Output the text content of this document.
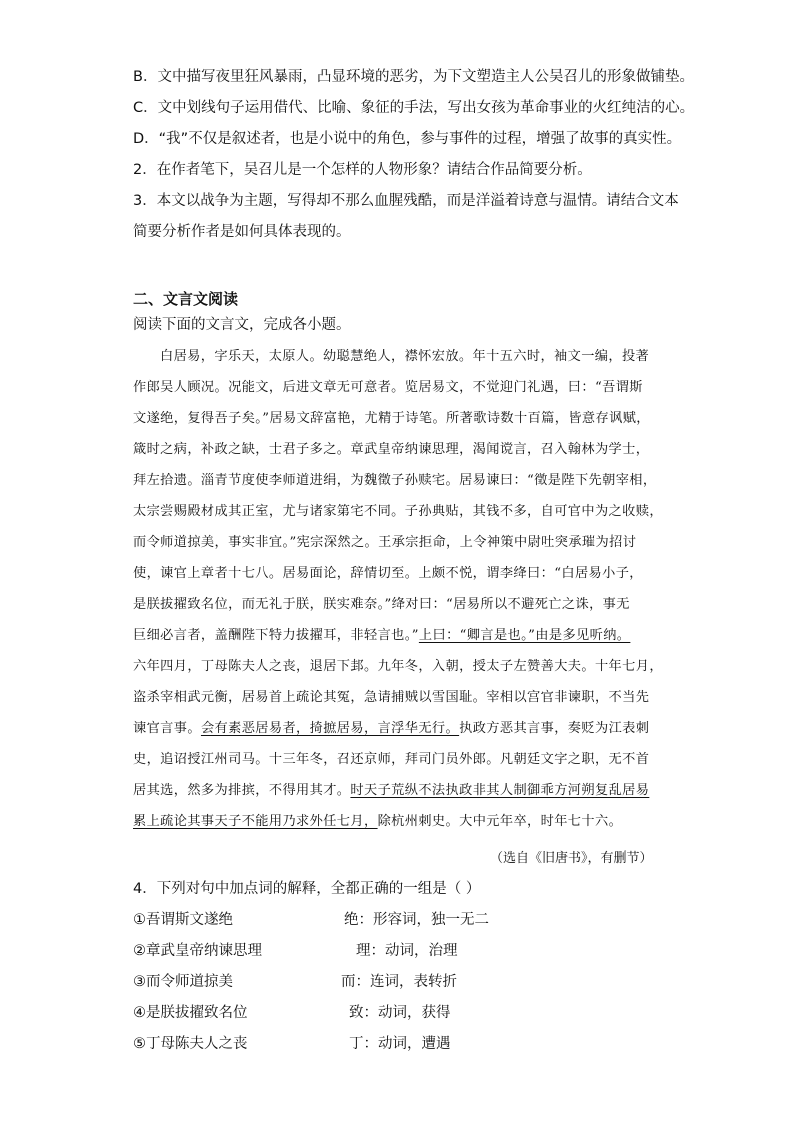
B．文中描写夜里狂风暴雨，凸显环境的恶劣，为下文塑造主人公吴召儿的形象做铺垫。
C．文中划线句子运用借代、比喻、象征的手法，写出女孩为革命事业的火红纯洁的心。
D．“我”不仅是叙述者，也是小说中的角色，参与事件的过程，增强了故事的真实性。
2．在作者笔下，吴召儿是一个怎样的人物形象？请结合作品简要分析。
3．本文以战争为主题，写得却不那么血腥残酷，而是洋溢着诗意与温情。请结合文本
简要分析作者是如何具体表现的。
二、文言文阅读
阅读下面的文言文，完成各小题。
白居易，字乐天，太原人。幼聪慧绝人，襟怀宏放。年十五六时，袖文一编，投著
作郎吴人顾况。况能文，后进文章无可意者。览居易文，不觉迎门礼遇，曰：“吾谓斯
文遂绝，复得吾子矣。”居易文辞富艳，尤精于诗笔。所著歌诗数十百篇，皆意存讽赋，
箴时之病，补政之缺，士君子多之。章武皇帝纳谏思理，渴闻谠言，召入翰林为学士，
拜左拾遗。淄青节度使李师道进绢，为魏徵子孙赎宅。居易谏曰：“徵是陛下先朝宰相，
太宗尝赐殿材成其正室，尤与诸家第宅不同。子孙典贴，其钱不多，自可官中为之收赎，
而令师道掠美，事实非宜。”宪宗深然之。王承宗拒命，上令神策中尉吐突承璀为招讨
使，谏官上章者十七八。居易面论，辞情切至。上颇不悦，谓李绛曰：“白居易小子，
是朕拔擢致名位，而无礼于朕，朕实难奈。”绛对曰：“居易所以不避死亡之诛，事无
巨细必言者，盖酬陛下特力拔擢耳，非轻言也。”上曰：“卿言是也。”由是多见听纳。
六年四月，丁母陈夫人之丧，退居下邽。九年冬，入朝，授太子左赞善大夫。十年七月，
盗杀宰相武元衡，居易首上疏论其冤，急请捕贼以雪国耻。宰相以宫官非谏职，不当先
谏官言事。会有素恶居易者，掎摭居易，言浮华无行。执政方恶其言事，奏贬为江表刺
史，追诏授江州司马。十三年冬，召还京师，拜司门员外郎。凡朝廷文字之职，无不首
居其选，然多为排摈，不得用其才。时天子荒纵不法执政非其人制御乖方河朔复乱居易
累上疏论其事天子不能用乃求外任七月，除杭州刺史。大中元年卒，时年七十六。
（选自《旧唐书》，有删节）
4．下列对句中加点词的解释，全都正确的一组是（ ）
①吾谓斯文遂绝	绝：形容词，独一无二
②章武皇帝纳谏思理	理：动词，治理
③而令师道掠美	而：连词，表转折
④是朕拔擢致名位	致：动词，获得
⑤丁母陈夫人之丧	丁：动词，遭遇
